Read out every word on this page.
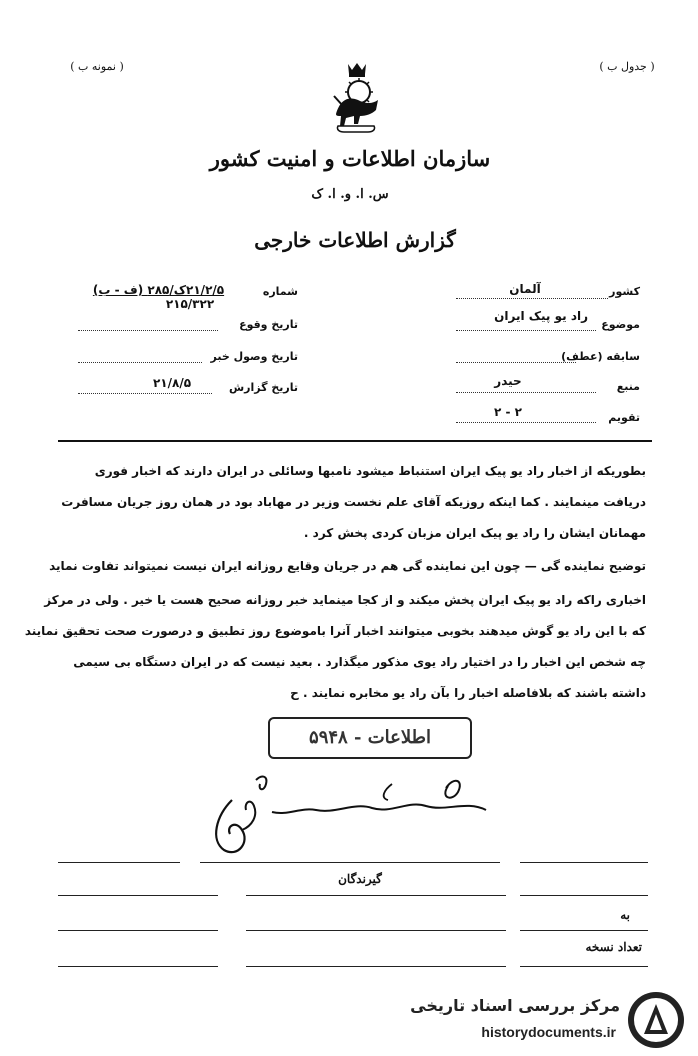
( نمونه ب )	( جدول ب )
سازمان اطلاعات و امنیت کشور
س. ا. و. ا. ک
گزارش اطلاعات خارجی
کشور
آلمان
موضوع
راد یو پیک ایران
سابقه (عطف)
منبع
حیدر
تقویم
۲ - ۲
شماره
۲۱/۲/۵ک/۲۸۵ (ف - ب)
۲۱۵/۳۲۲
تاریخ وقوع
تاریخ وصول خبر
تاریخ گزارش
۲۱/۸/۵
بطوریکه از اخبار راد یو پیک ایران استنباط میشود نامبها وسائلی در ایران دارند که اخبار فوری
دریافت مینمایند . کما اینکه روزیکه آقای علم نخست وزیر در مهاباد بود در همان روز جریان مسافرت
مهمانان ایشان را راد یو پیک ایران مزبان کردی پخش کرد .
توضیح نماینده گی — چون این نماینده گی هم در جریان وقایع روزانه ایران نیست نمیتواند تفاوت نماید
اخباری راکه راد یو پیک ایران پخش میکند و از کجا مینماید خبر روزانه صحیح هست یا خیر . ولی در مرکز
که با این راد یو گوش میدهند بخوبی میتوانند اخبار آنرا باموضوع روز تطبیق و درصورت صحت تحقیق نمایند
چه شخص این اخبار را در اختیار راد یوی مذکور میگذارد . بعید نیست که در ایران دستگاه بی سیمی
داشته باشند که بلافاصله اخبار را بآن راد یو مخابره نمایند . ح
اطلاعات - ۵۹۴۸
گیرندگان
به
تعداد نسخه
مرکز بررسی اسناد تاریخی
historydocuments.ir
